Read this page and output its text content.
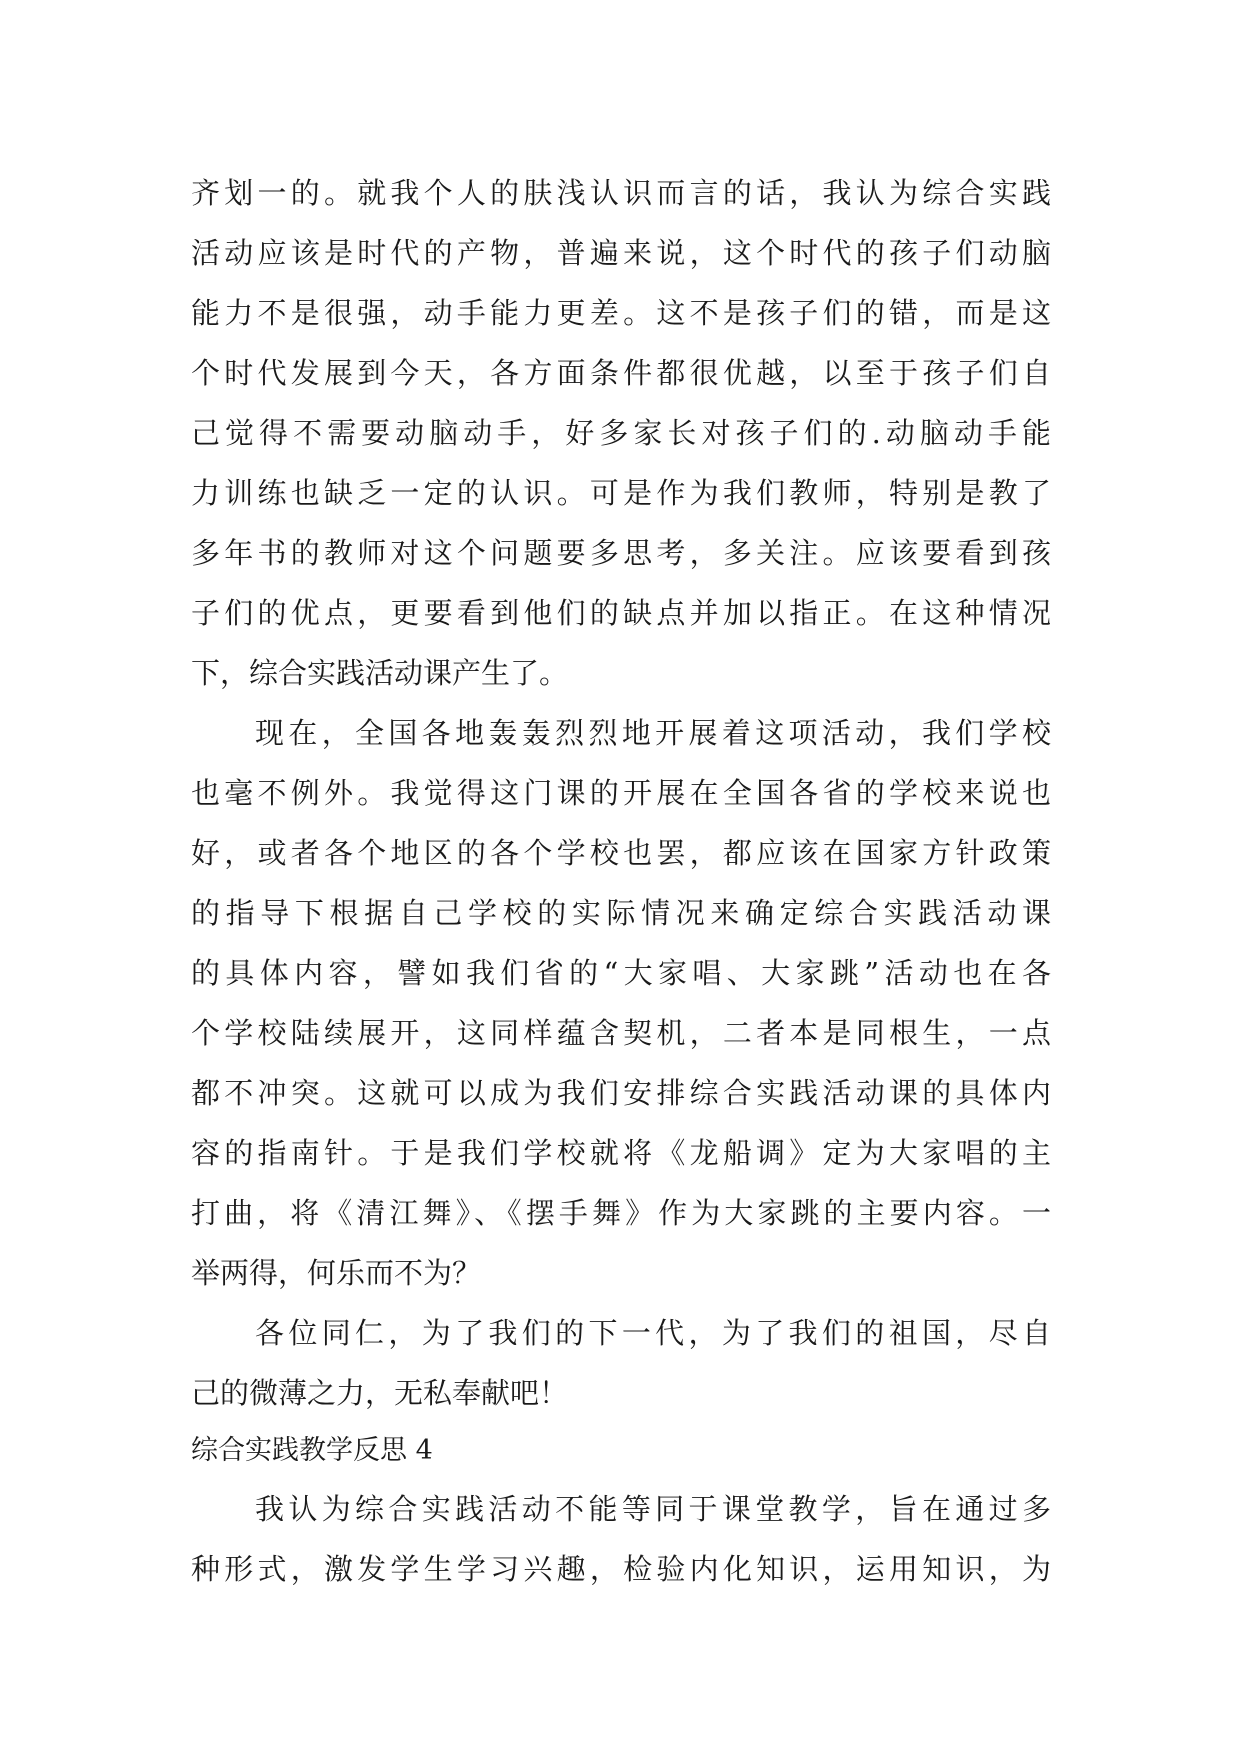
齐划一的。就我个人的肤浅认识而言的话，我认为综合实践
活动应该是时代的产物，普遍来说，这个时代的孩子们动脑
能力不是很强，动手能力更差。这不是孩子们的错，而是这
个时代发展到今天，各方面条件都很优越，以至于孩子们自
己觉得不需要动脑动手，好多家长对孩子们的.动脑动手能
力训练也缺乏一定的认识。可是作为我们教师，特别是教了
多年书的教师对这个问题要多思考，多关注。应该要看到孩
子们的优点，更要看到他们的缺点并加以指正。在这种情况
下，综合实践活动课产生了。
现在，全国各地轰轰烈烈地开展着这项活动，我们学校
也毫不例外。我觉得这门课的开展在全国各省的学校来说也
好，或者各个地区的各个学校也罢，都应该在国家方针政策
的指导下根据自己学校的实际情况来确定综合实践活动课
的具体内容，譬如我们省的“大家唱、大家跳”活动也在各
个学校陆续展开，这同样蕴含契机，二者本是同根生，一点
都不冲突。这就可以成为我们安排综合实践活动课的具体内
容的指南针。于是我们学校就将《龙船调》定为大家唱的主
打曲，将《清江舞》、《摆手舞》作为大家跳的主要内容。一
举两得，何乐而不为？
各位同仁，为了我们的下一代，为了我们的祖国，尽自
己的微薄之力，无私奉献吧！
综合实践教学反思 4
我认为综合实践活动不能等同于课堂教学，旨在通过多
种形式，激发学生学习兴趣，检验内化知识，运用知识，为
